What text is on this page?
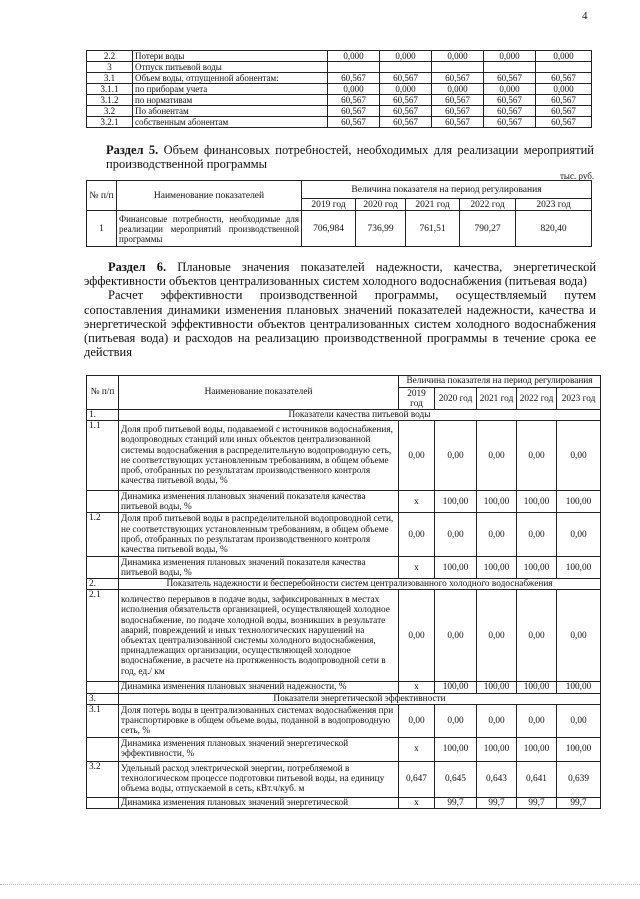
4
2.2	Потери воды	0,000	0,000	0,000	0,000	0,000
3	Отпуск питьевой воды					
3.1	Объем воды, отпущенной абонентам:	60,567	60,567	60,567	60,567	60,567
3.1.1	по приборам учета	0,000	0,000	0,000	0,000	0,000
3.1.2	по нормативам	60,567	60,567	60,567	60,567	60,567
3.2	По абонентам	60,567	60,567	60,567	60,567	60,567
3.2.1	собственным абонентам	60,567	60,567	60,567	60,567	60,567
Раздел 5. Объем финансовых потребностей, необходимых для реализации мероприятий производственной программы
тыс. руб.
№ п/п	Наименование показателей	Величина показателя на период регулирования				
		2019 год	2020 год	2021 год	2022 год	2023 год
1	Финансовые потребности, необходимые для реализации мероприятий производственной программы	706,984	736,99	761,51	790,27	820,40

Раздел 6. Плановые значения показателей надежности, качества, энергетической эффективности объектов централизованных систем холодного водоснабжения (питьевая вода)

Расчет эффективности производственной программы, осуществляемый путем сопоставления динамики изменения плановых значений показателей надежности, качества и энергетической эффективности объектов централизованных систем холодного водоснабжения (питьевая вода) и расходов на реализацию производственной программы в течение срока ее действия

№ п/п	Наименование показателей	Величина показателя на период регулирования				
		2019 год	2020 год	2021 год	2022 год	2023 год
1.	Показатели качества питьевой воды					
1.1	Доля проб питьевой воды, подаваемой с источников водоснабжения, водопроводных станций или иных объектов централизованной системы водоснабжения в распределительную водопроводную сеть, не соответствующих установленным требованиям, в общем объеме проб, отобранных по результатам производственного контроля качества питьевой воды, %	0,00	0,00	0,00	0,00	0,00
	Динамика изменения плановых значений показателя качества питьевой воды, %	x	100,00	100,00	100,00	100,00
1.2	Доля проб питьевой воды в распределительной водопроводной сети, не соответствующих установленным требованиям, в общем объеме проб, отобранных по результатам производственного контроля качества питьевой воды, %	0,00	0,00	0,00	0,00	0,00
	Динамика изменения плановых значений показателя качества питьевой воды, %	x	100,00	100,00	100,00	100,00
2.	Показатель надежности и бесперебойности систем централизованного холодного водоснабжения					
2.1	количество перерывов в подаче воды, зафиксированных в местах исполнения обязательств организацией, осуществляющей холодное водоснабжение, по подаче холодной воды, возникших в результате аварий, повреждений и иных технологических нарушений на объектах централизованной системы холодного водоснабжения, принадлежащих организации, осуществляющей холодное водоснабжение, в расчете на протяженность водопроводной сети в год, ед./ км	0,00	0,00	0,00	0,00	0,00
	Динамика изменения плановых значений надежности, %	x	100,00	100,00	100,00	100,00
3.	Показатели энергетической эффективности					
3.1	Доля потерь воды в централизованных системах водоснабжения при транспортировке в общем объеме воды, поданной в водопроводную сеть, %	0,00	0,00	0,00	0,00	0,00
	Динамика изменения плановых значений энергетической эффективности, %	x	100,00	100,00	100,00	100,00
3.2	Удельный расход электрической энергии, потребляемой в технологическом процессе подготовки питьевой воды, на единицу объема воды, отпускаемой в сеть, кВт.ч/куб. м	0,647	0,645	0,643	0,641	0,639
	Динамика изменения плановых значений энергетической	x	99,7	99,7	99,7	99,7
